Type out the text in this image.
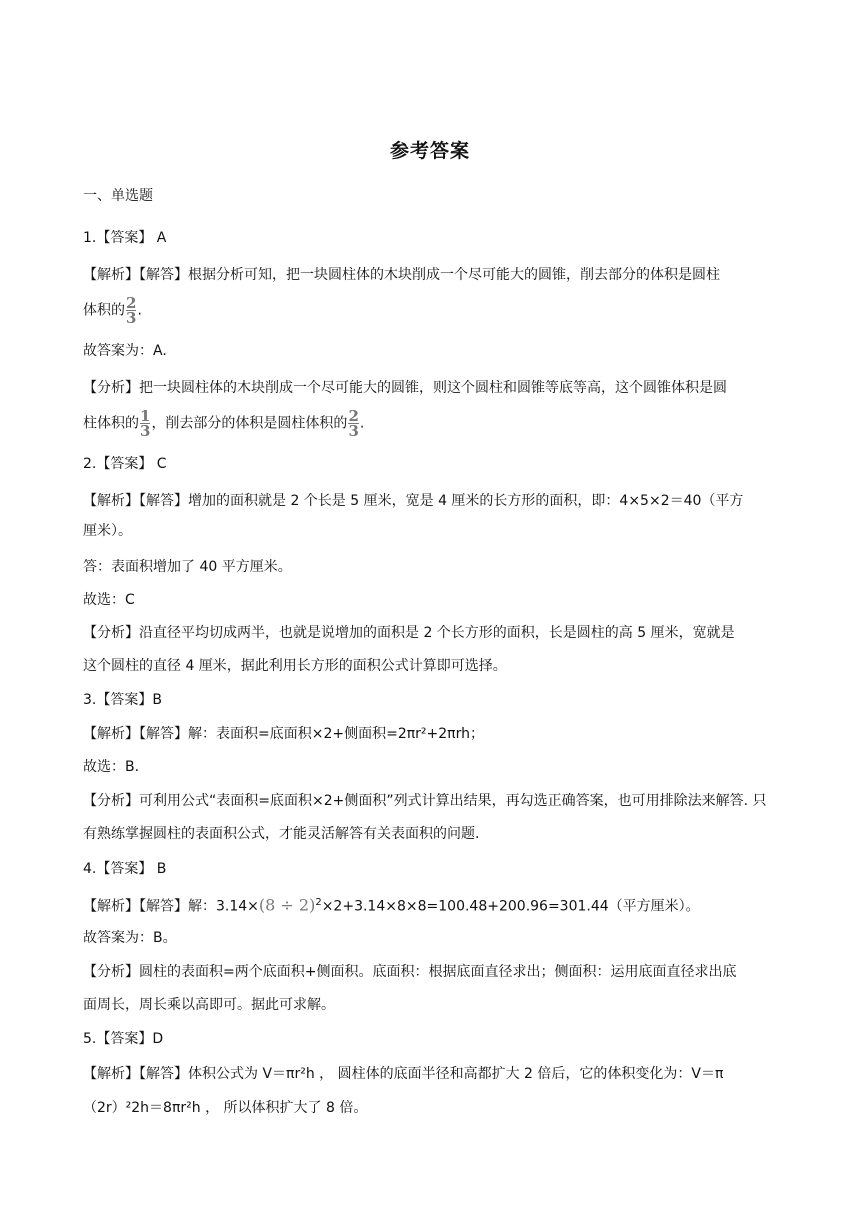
参考答案
一、单选题
1.【答案】 A
【解析】【解答】根据分析可知，把一块圆柱体的木块削成一个尽可能大的圆锥，削去部分的体积是圆柱
体积的 $\frac{2}{3}$ .
故答案为：A.
【分析】把一块圆柱体的木块削成一个尽可能大的圆锥，则这个圆柱和圆锥等底等高，这个圆锥体积是圆
柱体积的 $\frac{1}{3}$ ，削去部分的体积是圆柱体积的 $\frac{2}{3}$ .
2.【答案】 C
【解析】【解答】增加的面积就是 2 个长是 5 厘米，宽是 4 厘米的长方形的面积，即：4×5×2＝40（平方
厘米）。
答：表面积增加了 40 平方厘米。
故选：C
【分析】沿直径平均切成两半，也就是说增加的面积是 2 个长方形的面积，长是圆柱的高 5 厘米，宽就是
这个圆柱的直径 4 厘米，据此利用长方形的面积公式计算即可选择。
3.【答案】B
【解析】【解答】解：表面积=底面积×2+侧面积=2πr²+2πrh；
故选：B.
【分析】可利用公式“表面积=底面积×2+侧面积”列式计算出结果，再勾选正确答案，也可用排除法来解答. 只
有熟练掌握圆柱的表面积公式，才能灵活解答有关表面积的问题.
4.【答案】 B
【解析】【解答】解：$3.14\times(8 \div 2)^2\times 2+3.14\times 8\times 8=100.48+200.96=301.44$（平方厘米）。
故答案为：B。
【分析】圆柱的表面积=两个底面积+侧面积。底面积：根据底面直径求出；侧面积：运用底面直径求出底
面周长，周长乘以高即可。据此可求解。
5.【答案】D
【解析】【解答】体积公式为 V＝πr²h ， 圆柱体的底面半径和高都扩大 2 倍后，它的体积变化为：V＝π
（2r）²2h＝8πr²h ， 所以体积扩大了 8 倍。
